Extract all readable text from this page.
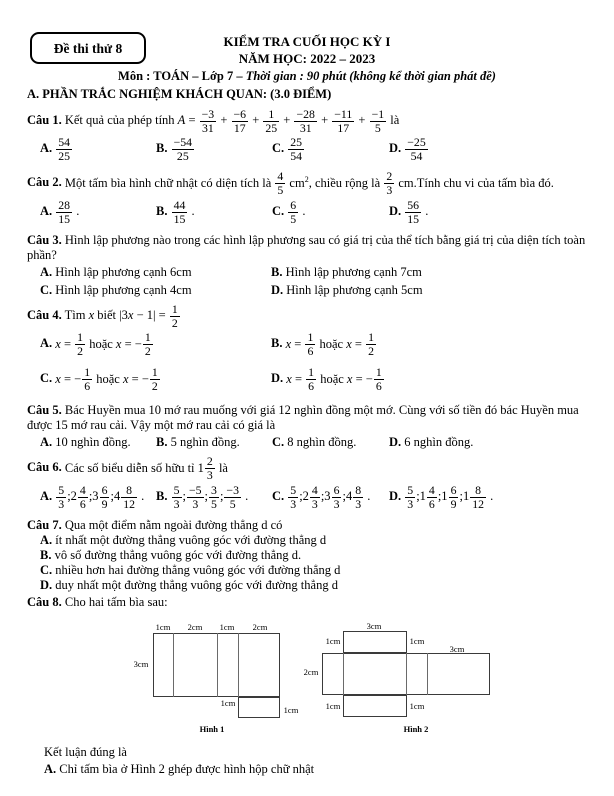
Đề thi thử 8	KIỂM TRA CUỐI HỌC KỲ I
NĂM HỌC: 2022 – 2023
Môn : TOÁN – Lớp 7 – Thời gian : 90 phút (không kể thời gian phát đề)
A. PHẦN TRẮC NGHIỆM KHÁCH QUAN: (3.0 ĐIỂM)

Câu 1. Kết quả của phép tính $A = \frac{-3}{31} + \frac{-6}{17} + \frac{1}{25} + \frac{-28}{31} + \frac{-11}{17} + \frac{-1}{5}$ là

A. $\frac{54}{25}$	B. $\frac{-54}{25}$	C. $\frac{25}{54}$	D. $\frac{-25}{54}$

Câu 2. Một tấm bìa hình chữ nhật có diện tích là $\frac{4}{5} cm^2$, chiều rộng là $\frac{2}{3}$ cm.Tính chu vi của tấm bìa đó.

A. $\frac{28}{15}$ .	B. $\frac{44}{15}$ .	C. $\frac{6}{5}$ .	D. $\frac{56}{15}$ .

Câu 3. Hình lập phương nào trong các hình lập phương sau có giá trị của thể tích bằng giá trị của diện tích toàn phần?

A. Hình lập phương cạnh 6cm	B. Hình lập phương cạnh 7cm
C. Hình lập phương cạnh 4cm	D. Hình lập phương cạnh 5cm

Câu 4. Tìm x biết $|3x - 1| = \frac{1}{2}$

A. $x = \frac{1}{2}$ hoặc x = − $\frac{1}{2}$	B. $x = \frac{1}{6}$ hoặc $x = \frac{1}{2}$
C. x = − $\frac{1}{6}$ hoặc x = − $\frac{1}{2}$	D. $x = \frac{1}{6}$ hoặc x = − $\frac{1}{6}$

Câu 5. Bác Huyền mua 10 mớ rau muống với giá 12 nghìn đồng một mớ. Cùng với số tiền đó bác Huyền mua được 15 mớ rau cải. Vậy một mớ rau cải có giá là

A. 10 nghìn đồng. B. 5 nghìn đồng.	C. 8 nghìn đồng.	D. 6 nghìn đồng.

Câu 6. Các số biểu diễn số hữu tỉ $1 \frac{2}{3}$ là

A. $\frac{5}{3}$ ;2 $\frac{4}{6}$ ;3 $\frac{6}{9}$ ;4 $\frac{8}{12}$ . B. $\frac{5}{3}$ ; $\frac{-5}{3}$ ; $\frac{3}{5}$ ; $\frac{-3}{5}$ . C. $\frac{5}{3}$ ;2 $\frac{4}{3}$ ;3 $\frac{6}{3}$ ;4 $\frac{8}{3}$ . D. $\frac{5}{3}$ ;1 $\frac{4}{6}$ ;1 $\frac{6}{9}$ ;1 $\frac{8}{12}$ .

Câu 7. Qua một điểm nằm ngoài đường thẳng d có

A. ít nhất một đường thẳng vuông góc với đường thẳng d

B. vô số đường thẳng vuông góc với đường thẳng d.

C. nhiều hơn hai đường thẳng vuông góc với đường thẳng d

D. duy nhất một đường thẳng vuông góc với đường thẳng d

Câu 8. Cho hai tấm bìa sau:

1cm 2cm 1cm 2cm
3cm
1cm
1cm
Hình 1
3cm
1cm	1cm
3cm
2cm
1cm	1cm
Hình 2

Kết luận đúng là

A. Chỉ tấm bìa ở Hình 2 ghép được hình hộp chữ nhật
